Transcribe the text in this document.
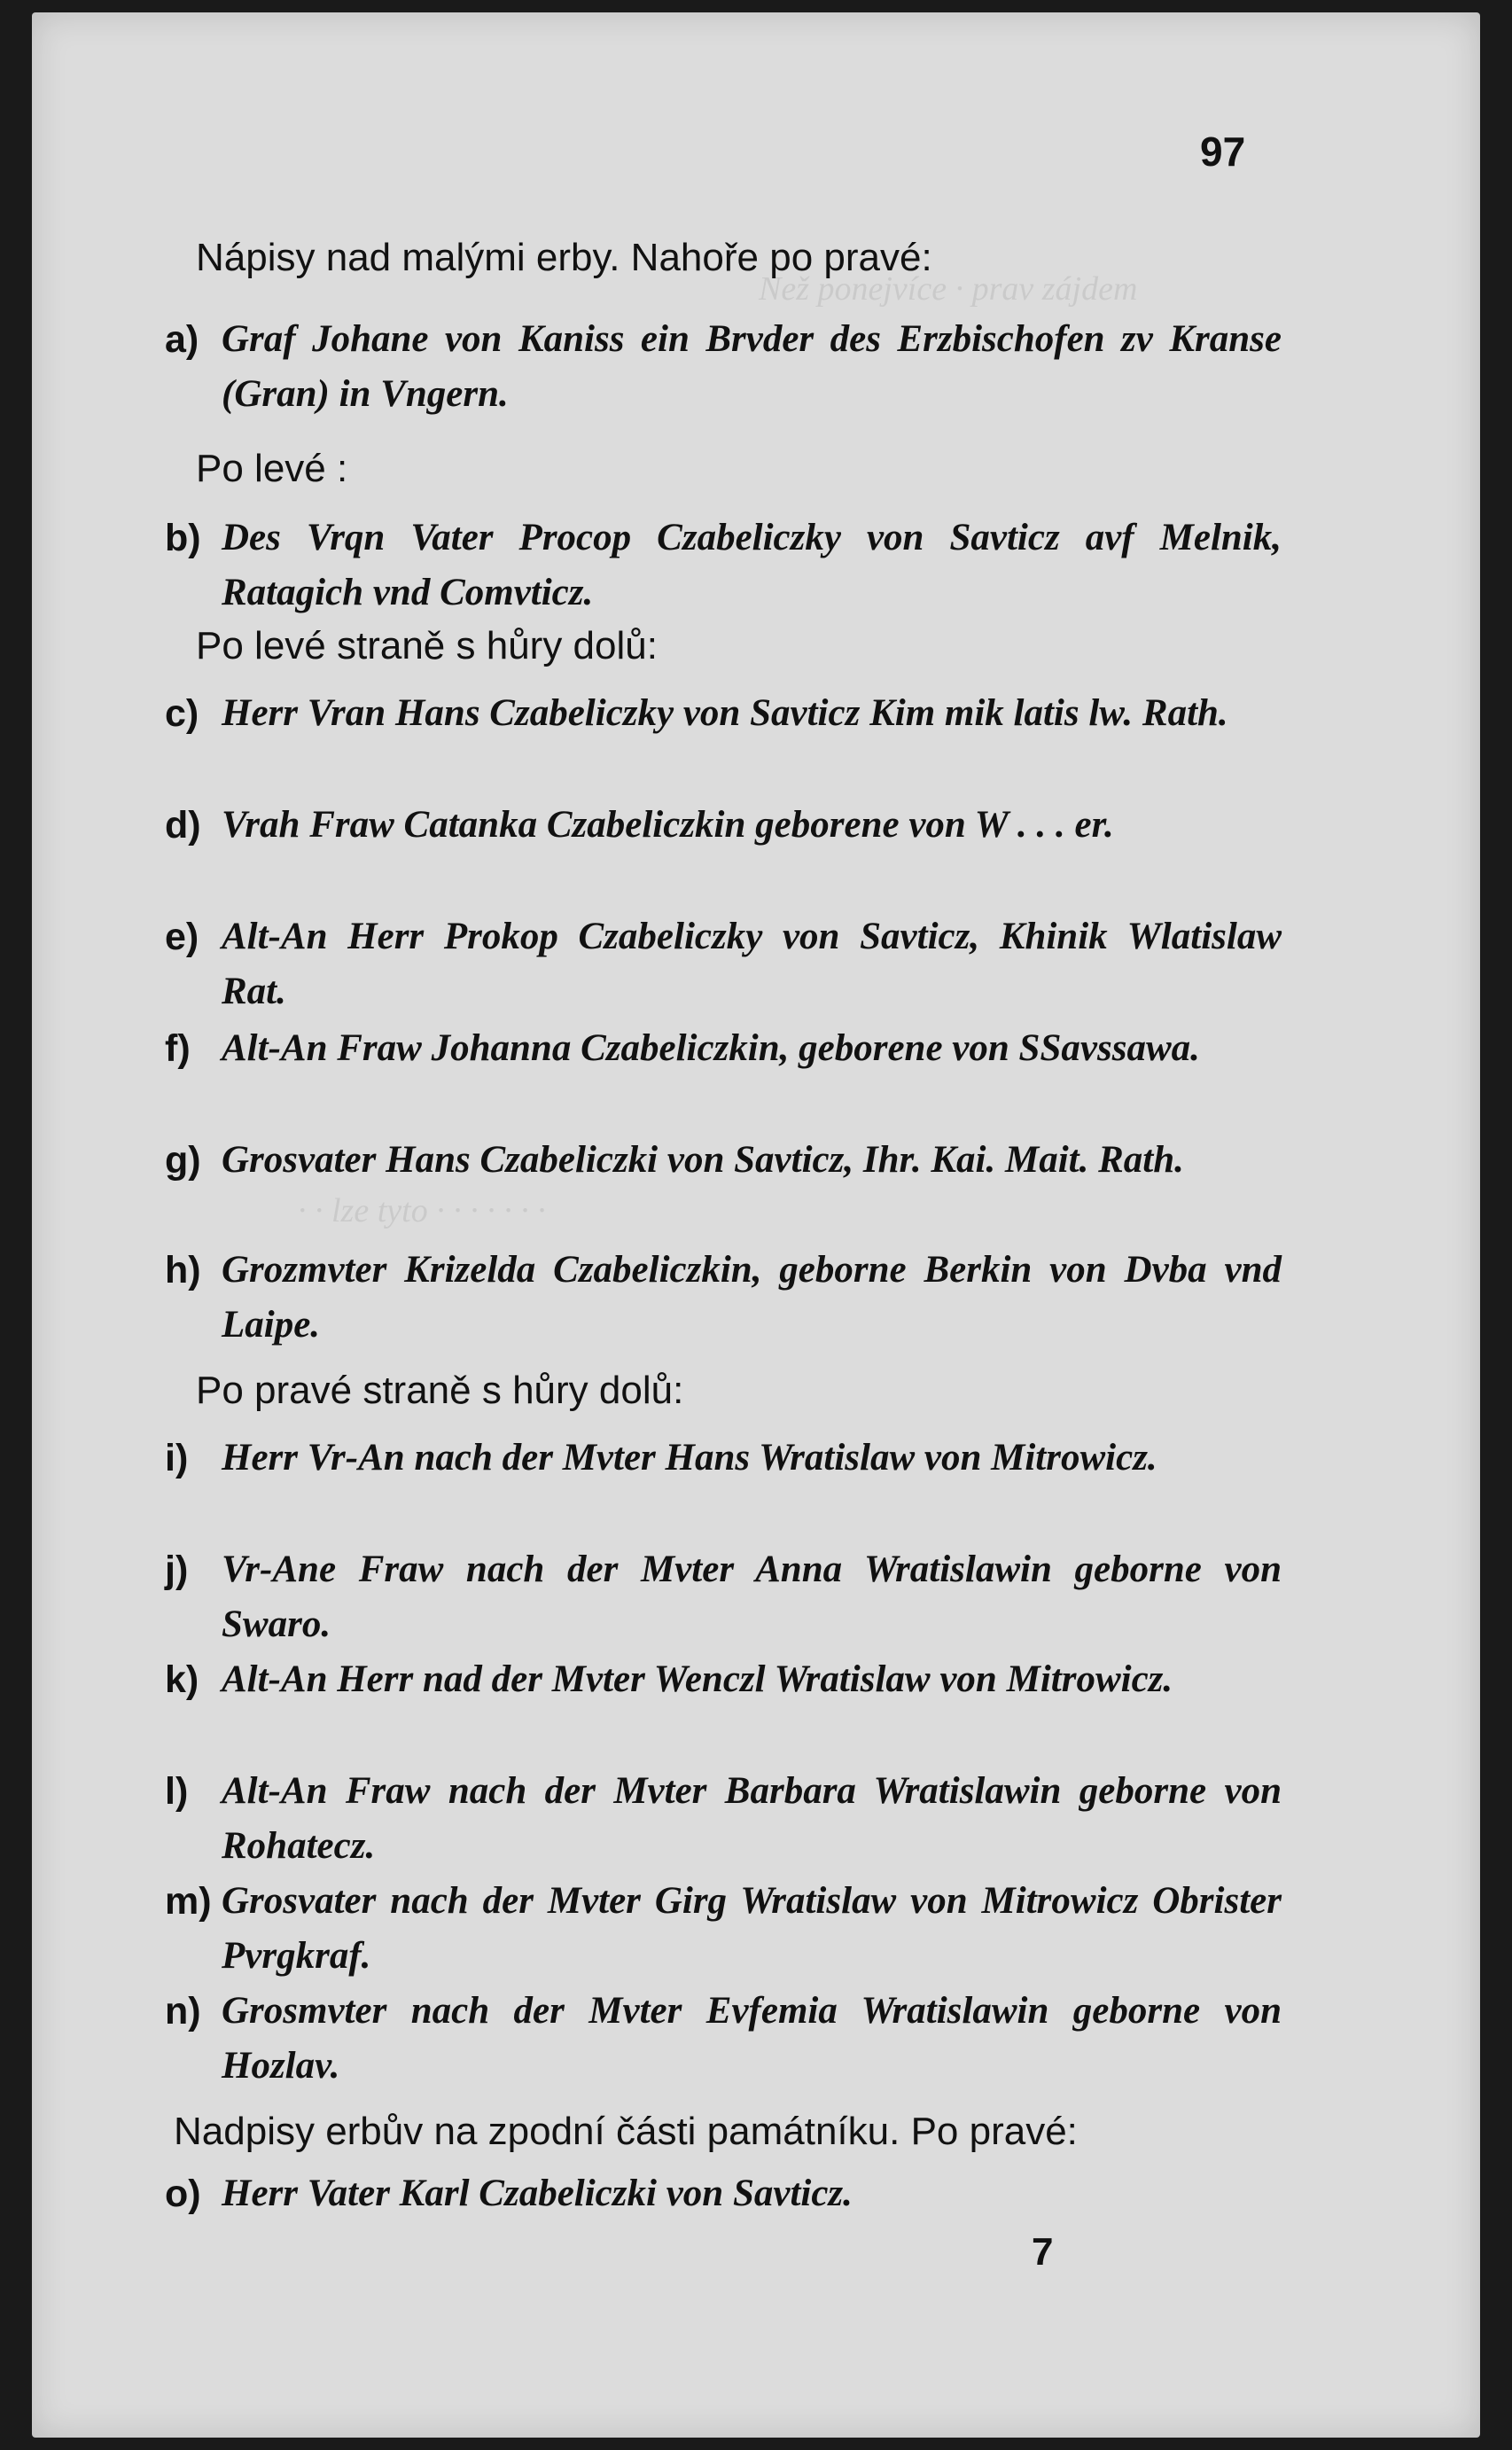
Než ponejvíce · prav zájdem
· · lze tyto · · · · · · ·
97
Nápisy nad malými erby. Nahoře po pravé:
a) Graf Johane von Kaniss ein Brvder des Erzbischofen zv Kranse (Gran) in Vngern.
Po levé :
b) Des Vrqn Vater Procop Czabeliczky von Savticz avf Melnik, Ratagich vnd Comvticz.
Po levé straně s hůry dolů:
c) Herr Vran Hans Czabeliczky von Savticz Kim mik latis lw. Rath.
d) Vrah Fraw Catanka Czabeliczkin geborene von W . . . er.
e) Alt-An Herr Prokop Czabeliczky von Savticz, Khinik Wlatislaw Rat.
f) Alt-An Fraw Johanna Czabeliczkin, geborene von SSavssawa.
g) Grosvater Hans Czabeliczki von Savticz, Ihr. Kai. Mait. Rath.
h) Grozmvter Krizelda Czabeliczkin, geborne Berkin von Dvba vnd Laipe.
Po pravé straně s hůry dolů:
i) Herr Vr-An nach der Mvter Hans Wratislaw von Mitrowicz.
j) Vr-Ane Fraw nach der Mvter Anna Wratislawin geborne von Swaro.
k) Alt-An Herr nad der Mvter Wenczl Wratislaw von Mitrowicz.
l) Alt-An Fraw nach der Mvter Barbara Wratislawin geborne von Rohatecz.
m) Grosvater nach der Mvter Girg Wratislaw von Mitrowicz Obrister Pvrgkraf.
n) Grosmvter nach der Mvter Evfemia Wratislawin geborne von Hozlav.
Nadpisy erbův na zpodní části památníku. Po pravé:
o) Herr Vater Karl Czabeliczki von Savticz.
7
